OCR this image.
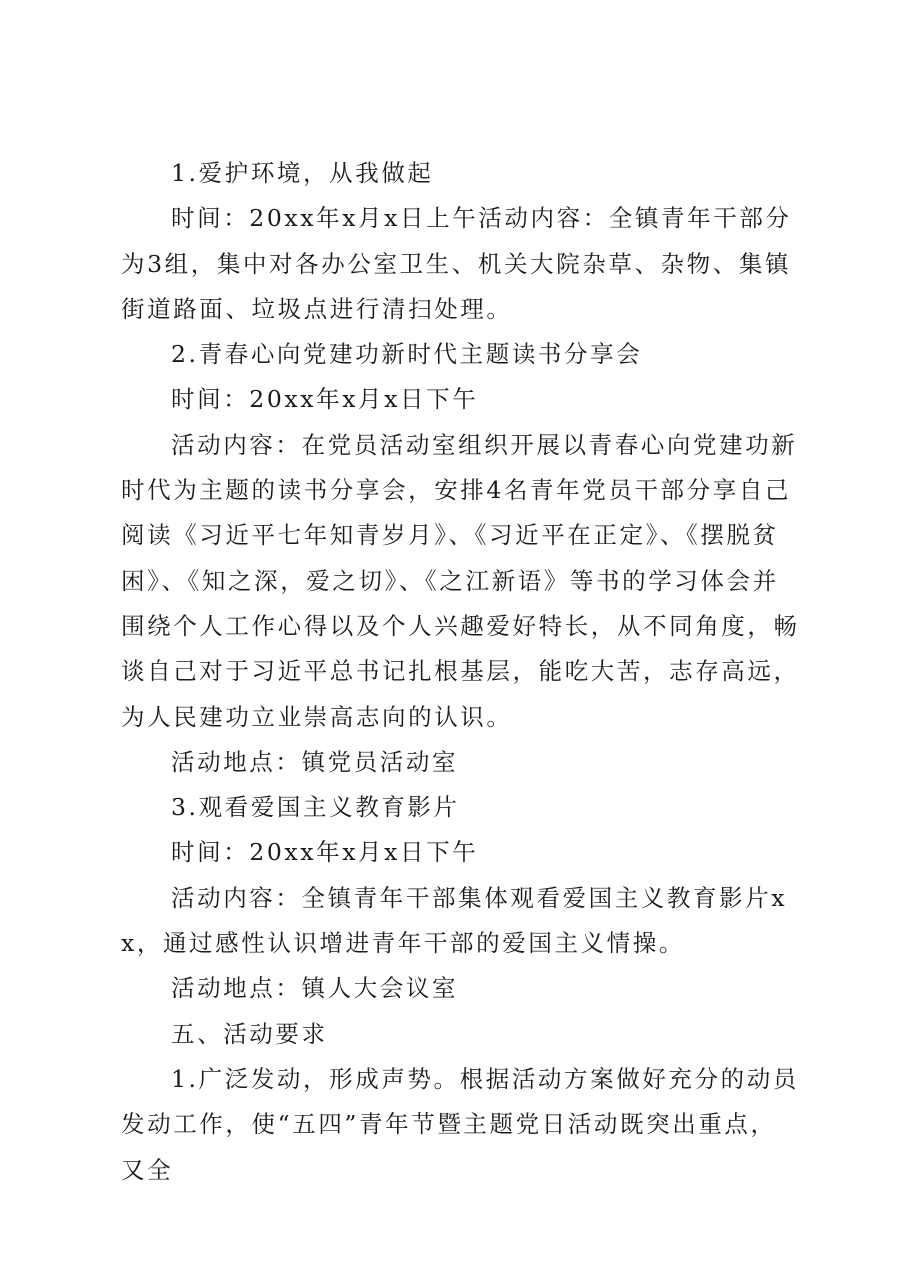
1.爱护环境，从我做起

时间：20xx年x月x日上午活动内容：全镇青年干部分为3组，集中对各办公室卫生、机关大院杂草、杂物、集镇街道路面、垃圾点进行清扫处理。

2.青春心向党建功新时代主题读书分享会

时间：20xx年x月x日下午

活动内容：在党员活动室组织开展以青春心向党建功新时代为主题的读书分享会，安排4名青年党员干部分享自己阅读《习近平七年知青岁月》、《习近平在正定》、《摆脱贫困》、《知之深，爱之切》、《之江新语》等书的学习体会并围绕个人工作心得以及个人兴趣爱好特长，从不同角度，畅谈自己对于习近平总书记扎根基层，能吃大苦，志存高远，为人民建功立业崇高志向的认识。

活动地点：镇党员活动室

3.观看爱国主义教育影片

时间：20xx年x月x日下午

活动内容：全镇青年干部集体观看爱国主义教育影片xx，通过感性认识增进青年干部的爱国主义情操。

活动地点：镇人大会议室

五、活动要求

1.广泛发动，形成声势。根据活动方案做好充分的动员发动工作，使“五四”青年节暨主题党日活动既突出重点，又全
